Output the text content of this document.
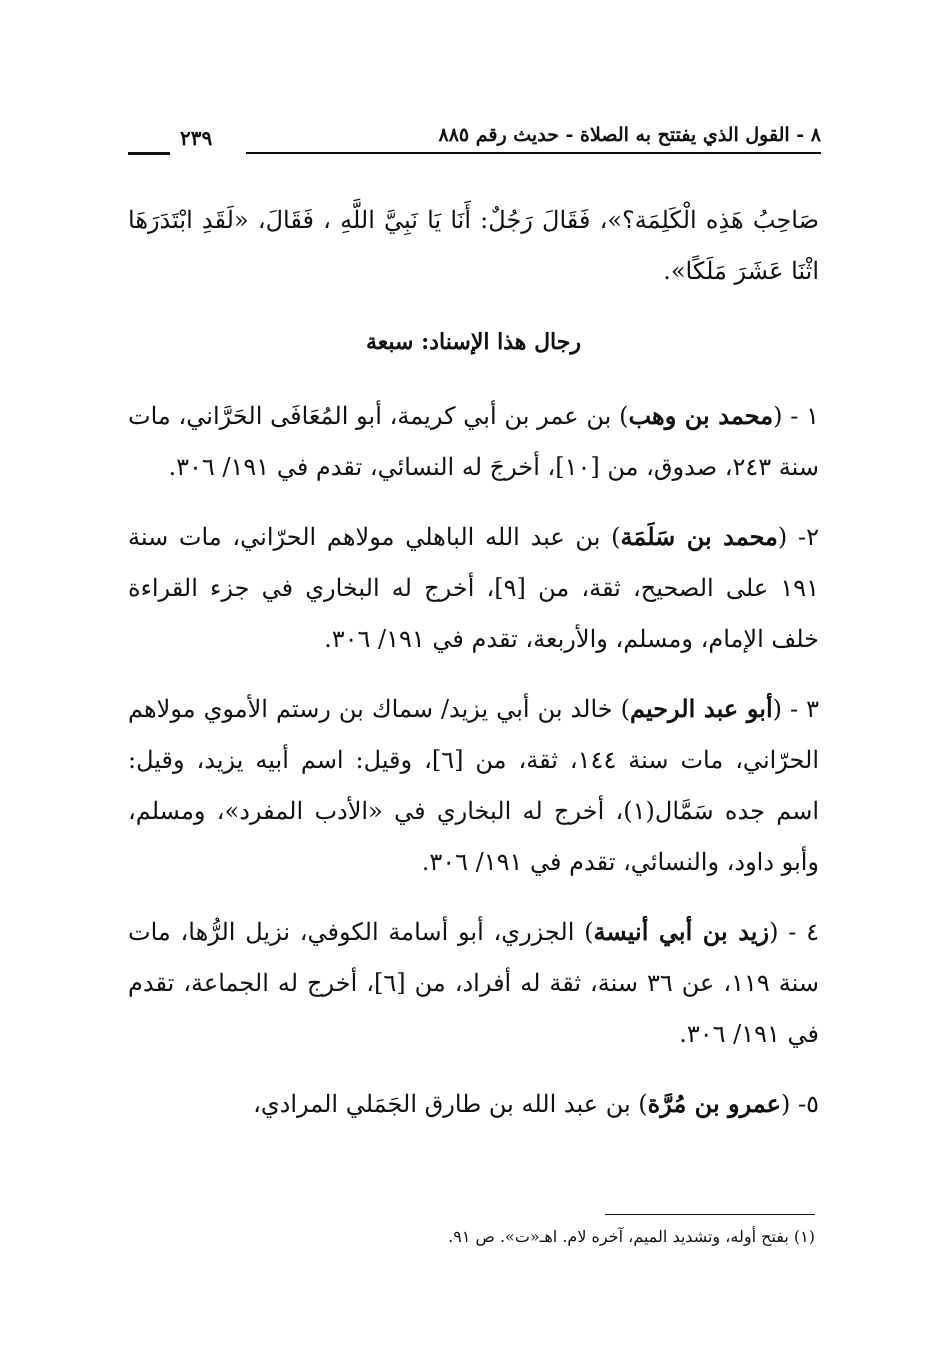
٨ - القول الذي يفتتح به الصلاة - حديث رقم ٨٨٥
٢٣٩

صَاحِبُ هَذِه الْكَلِمَة؟»، فَقَالَ رَجُلٌ: أَنَا يَا نَبِيَّ اللَّهِ ، فَقَالَ، «لَقَدِ ابْتَدَرَهَا اثْنَا عَشَرَ مَلَكًا».

رجال هذا الإسناد: سبعة

١ - (محمد بن وهب) بن عمر بن أبي كريمة، أبو المُعَافَى الحَرَّاني، مات سنة ٢٤٣، صدوق، من [١٠]، أخرجَ له النسائي، تقدم في ١٩١/ ٣٠٦.

٢- (محمد بن سَلَمَة) بن عبد الله الباهلي مولاهم الحرّاني، مات سنة ١٩١ على الصحيح، ثقة، من [٩]، أخرج له البخاري في جزء القراءة خلف الإمام، ومسلم، والأربعة، تقدم في ١٩١/ ٣٠٦.

٣ - (أبو عبد الرحيم) خالد بن أبي يزيد/ سماك بن رستم الأموي مولاهم الحرّاني، مات سنة ١٤٤، ثقة، من [٦]، وقيل: اسم أبيه يزيد، وقيل: اسم جده سَمَّال(١)، أخرج له البخاري في «الأدب المفرد»، ومسلم، وأبو داود، والنسائي، تقدم في ١٩١/ ٣٠٦.

٤ - (زيد بن أبي أنيسة) الجزري، أبو أسامة الكوفي، نزيل الرُّها، مات سنة ١١٩، عن ٣٦ سنة، ثقة له أفراد، من [٦]، أخرج له الجماعة، تقدم في ١٩١/ ٣٠٦.

٥- (عمرو بن مُرَّة) بن عبد الله بن طارق الجَمَلي المرادي،

(١) بفتح أوله، وتشديد الميم، آخره لام. اهـ«ت». ص ٩١.
